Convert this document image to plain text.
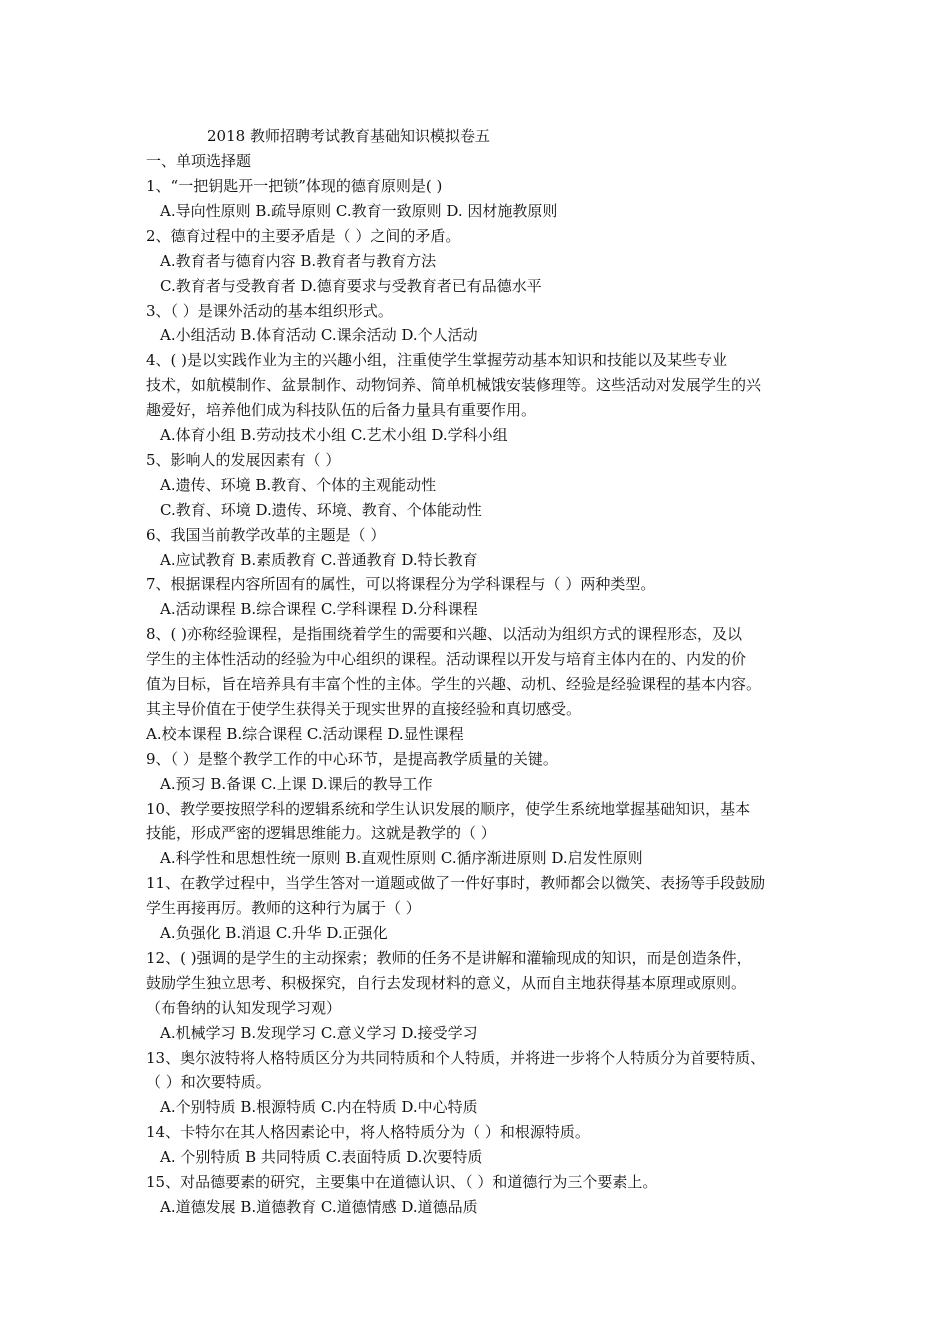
2018 教师招聘考试教育基础知识模拟卷五

一、单项选择题

1、“一把钥匙开一把锁”体现的德育原则是( )

A.导向性原则 B.疏导原则 C.教育一致原则 D. 因材施教原则

2、德育过程中的主要矛盾是（ ）之间的矛盾。

A.教育者与德育内容 B.教育者与教育方法

C.教育者与受教育者 D.德育要求与受教育者已有品德水平

3、（ ）是课外活动的基本组织形式。

A.小组活动 B.体育活动 C.课余活动 D.个人活动

4、( )是以实践作业为主的兴趣小组，注重使学生掌握劳动基本知识和技能以及某些专业

技术，如航模制作、盆景制作、动物饲养、简单机械饿安装修理等。这些活动对发展学生的兴

趣爱好，培养他们成为科技队伍的后备力量具有重要作用。

A.体育小组 B.劳动技术小组 C.艺术小组 D.学科小组

5、影响人的发展因素有（ ）

A.遗传、环境 B.教育、个体的主观能动性

C.教育、环境 D.遗传、环境、教育、个体能动性

6、我国当前教学改革的主题是（ ）

A.应试教育 B.素质教育 C.普通教育 D.特长教育

7、根据课程内容所固有的属性，可以将课程分为学科课程与（ ）两种类型。

A.活动课程 B.综合课程 C.学科课程 D.分科课程

8、( )亦称经验课程，是指围绕着学生的需要和兴趣、以活动为组织方式的课程形态，及以

学生的主体性活动的经验为中心组织的课程。活动课程以开发与培育主体内在的、内发的价

值为目标，旨在培养具有丰富个性的主体。学生的兴趣、动机、经验是经验课程的基本内容。

其主导价值在于使学生获得关于现实世界的直接经验和真切感受。

A.校本课程 B.综合课程 C.活动课程 D.显性课程

9、（ ）是整个教学工作的中心环节，是提高教学质量的关键。

A.预习 B.备课 C.上课 D.课后的教导工作

10、教学要按照学科的逻辑系统和学生认识发展的顺序，使学生系统地掌握基础知识，基本

技能，形成严密的逻辑思维能力。这就是教学的（ ）

A.科学性和思想性统一原则 B.直观性原则 C.循序渐进原则 D.启发性原则

11、在教学过程中，当学生答对一道题或做了一件好事时，教师都会以微笑、表扬等手段鼓励

学生再接再厉。教师的这种行为属于（ ）

A.负强化 B.消退 C.升华 D.正强化

12、( )强调的是学生的主动探索；教师的任务不是讲解和灌输现成的知识，而是创造条件，

鼓励学生独立思考、积极探究，自行去发现材料的意义，从而自主地获得基本原理或原则。

（布鲁纳的认知发现学习观）

A.机械学习 B.发现学习 C.意义学习 D.接受学习

13、奥尔波特将人格特质区分为共同特质和个人特质，并将进一步将个人特质分为首要特质、

（ ）和次要特质。

A.个别特质 B.根源特质 C.内在特质 D.中心特质

14、卡特尔在其人格因素论中，将人格特质分为（ ）和根源特质。

A. 个别特质 B 共同特质 C.表面特质 D.次要特质

15、对品德要素的研究，主要集中在道德认识、（ ）和道德行为三个要素上。

A.道德发展 B.道德教育 C.道德情感 D.道德品质
